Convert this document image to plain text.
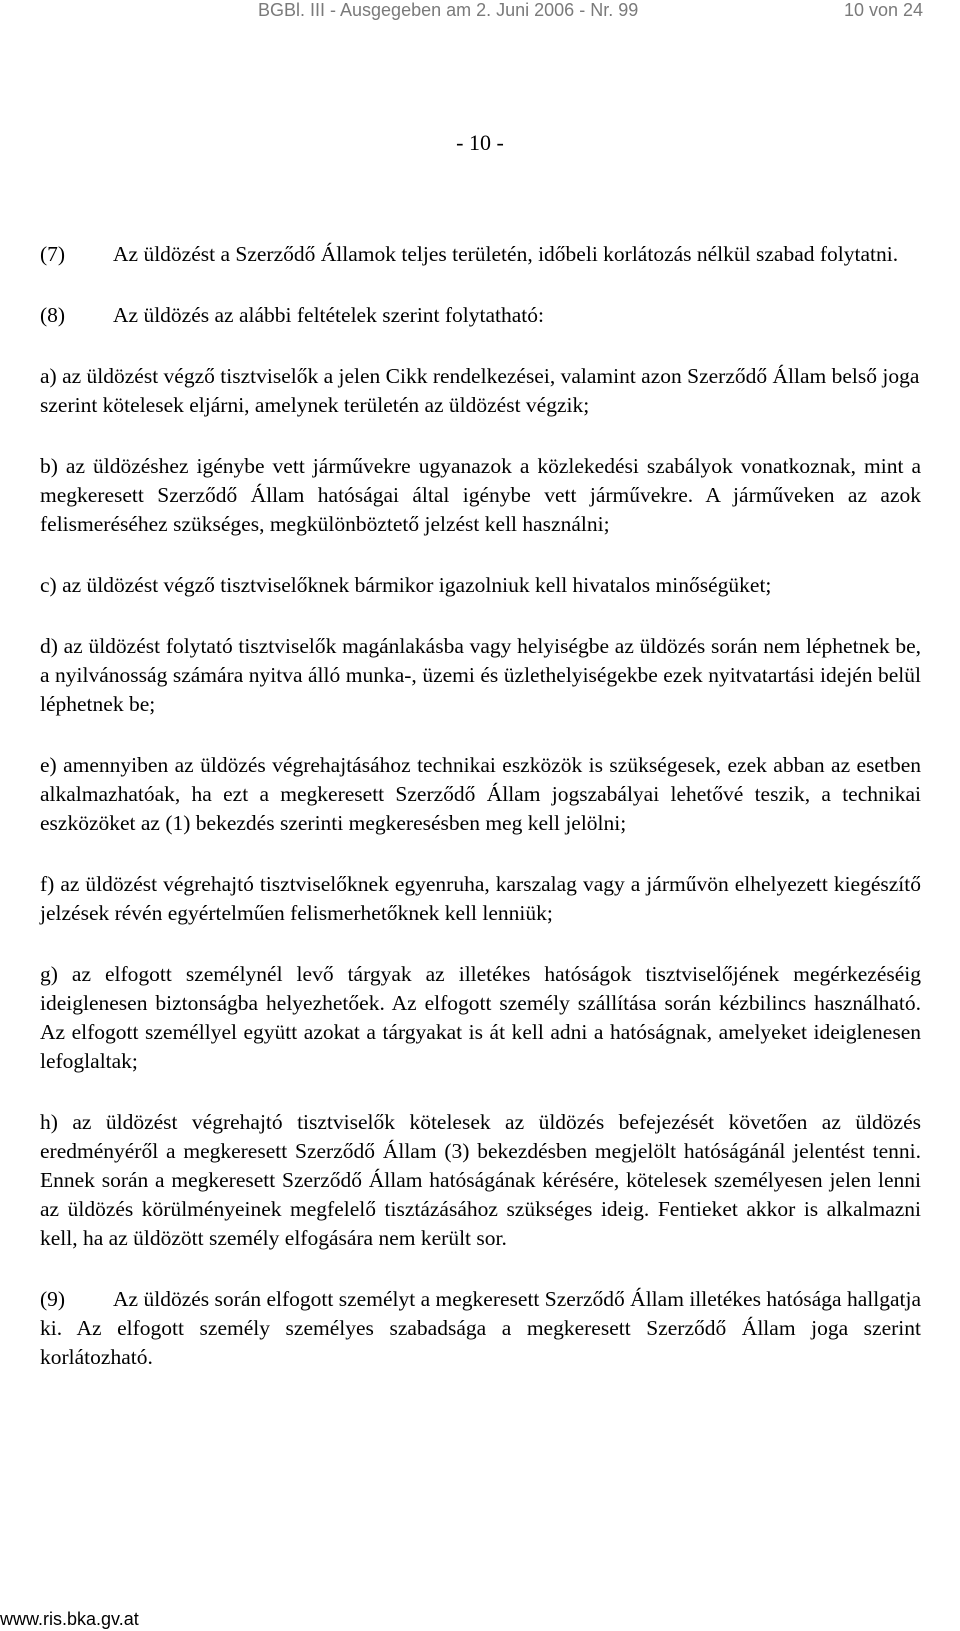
BGBl. III - Ausgegeben am 2. Juni 2006 - Nr. 99	10 von 24
- 10 -

(7) Az üldözést a Szerződő Államok teljes területén, időbeli korlátozás nélkül szabad folytatni.

(8) Az üldözés az alábbi feltételek szerint folytatható:

a) az üldözést végző tisztviselők a jelen Cikk rendelkezései, valamint azon Szerződő Állam belső joga szerint kötelesek eljárni, amelynek területén az üldözést végzik;

b) az üldözéshez igénybe vett járművekre ugyanazok a közlekedési szabályok vonatkoznak, mint a megkeresett Szerződő Állam hatóságai által igénybe vett járművekre. A járműveken az azok felismeréséhez szükséges, megkülönböztető jelzést kell használni;

c) az üldözést végző tisztviselőknek bármikor igazolniuk kell hivatalos minőségüket;

d) az üldözést folytató tisztviselők magánlakásba vagy helyiségbe az üldözés során nem léphetnek be, a nyilvánosság számára nyitva álló munka-, üzemi és üzlethelyiségekbe ezek nyitvatartási idején belül léphetnek be;

e) amennyiben az üldözés végrehajtásához technikai eszközök is szükségesek, ezek abban az esetben alkalmazhatóak, ha ezt a megkeresett Szerződő Állam jogszabályai lehetővé teszik, a technikai eszközöket az (1) bekezdés szerinti megkeresésben meg kell jelölni;

f) az üldözést végrehajtó tisztviselőknek egyenruha, karszalag vagy a járművön elhelyezett kiegészítő jelzések révén egyértelműen felismerhetőknek kell lenniük;

g) az elfogott személynél levő tárgyak az illetékes hatóságok tisztviselőjének megérkezéséig ideiglenesen biztonságba helyezhetőek. Az elfogott személy szállítása során kézbilincs használható. Az elfogott személlyel együtt azokat a tárgyakat is át kell adni a hatóságnak, amelyeket ideiglenesen lefoglaltak;

h) az üldözést végrehajtó tisztviselők kötelesek az üldözés befejezését követően az üldözés eredményéről a megkeresett Szerződő Állam (3) bekezdésben megjelölt hatóságánál jelentést tenni. Ennek során a megkeresett Szerződő Állam hatóságának kérésére, kötelesek személyesen jelen lenni az üldözés körülményeinek megfelelő tisztázásához szükséges ideig. Fentieket akkor is alkalmazni kell, ha az üldözött személy elfogására nem került sor.

(9) Az üldözés során elfogott személyt a megkeresett Szerződő Állam illetékes hatósága hallgatja ki. Az elfogott személy személyes szabadsága a megkeresett Szerződő Állam joga szerint korlátozható.

www.ris.bka.gv.at
